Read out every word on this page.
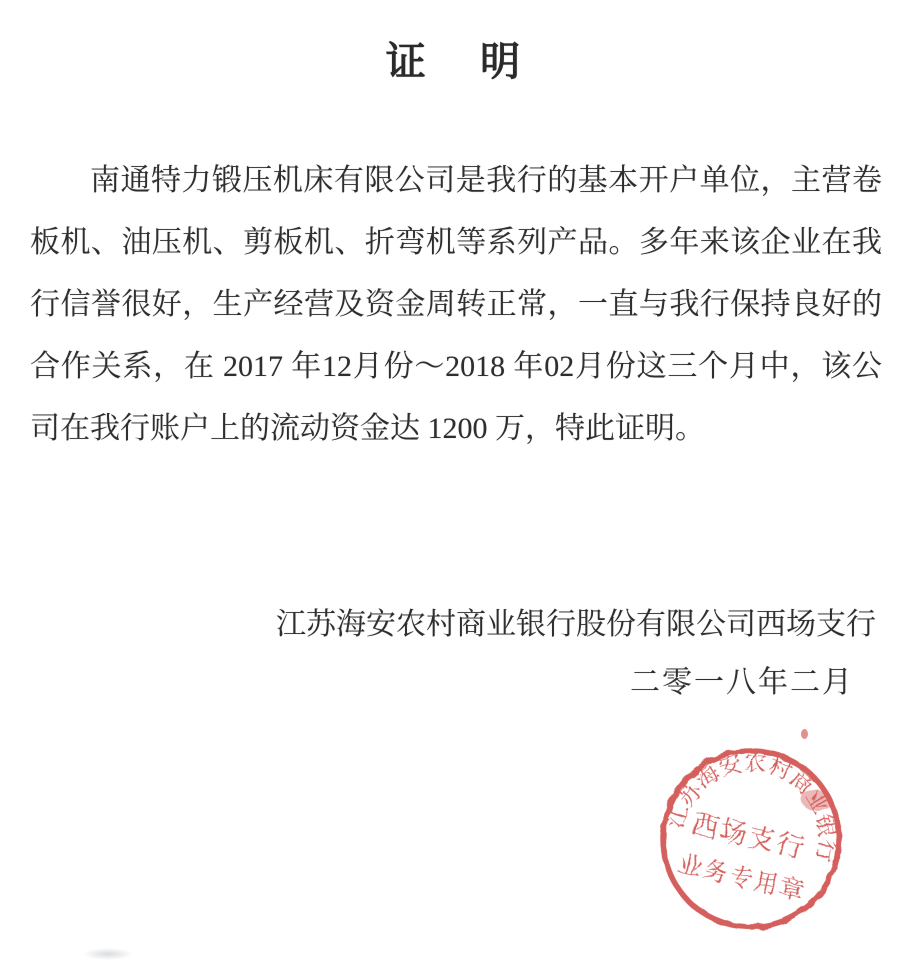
证　明
南通特力锻压机床有限公司是我行的基本开户单位，主营卷
板机、油压机、剪板机、折弯机等系列产品。多年来该企业在我
行信誉很好，生产经营及资金周转正常，一直与我行保持良好的
合作关系，在 2017 年12月份～2018 年02月份这三个月中，该公
司在我行账户上的流动资金达 1200 万，特此证明。
江苏海安农村商业银行股份有限公司西场支行
二零一八年二月
西场支行
业务专用章
江
苏
海
安
农
村
商
业
银
行
